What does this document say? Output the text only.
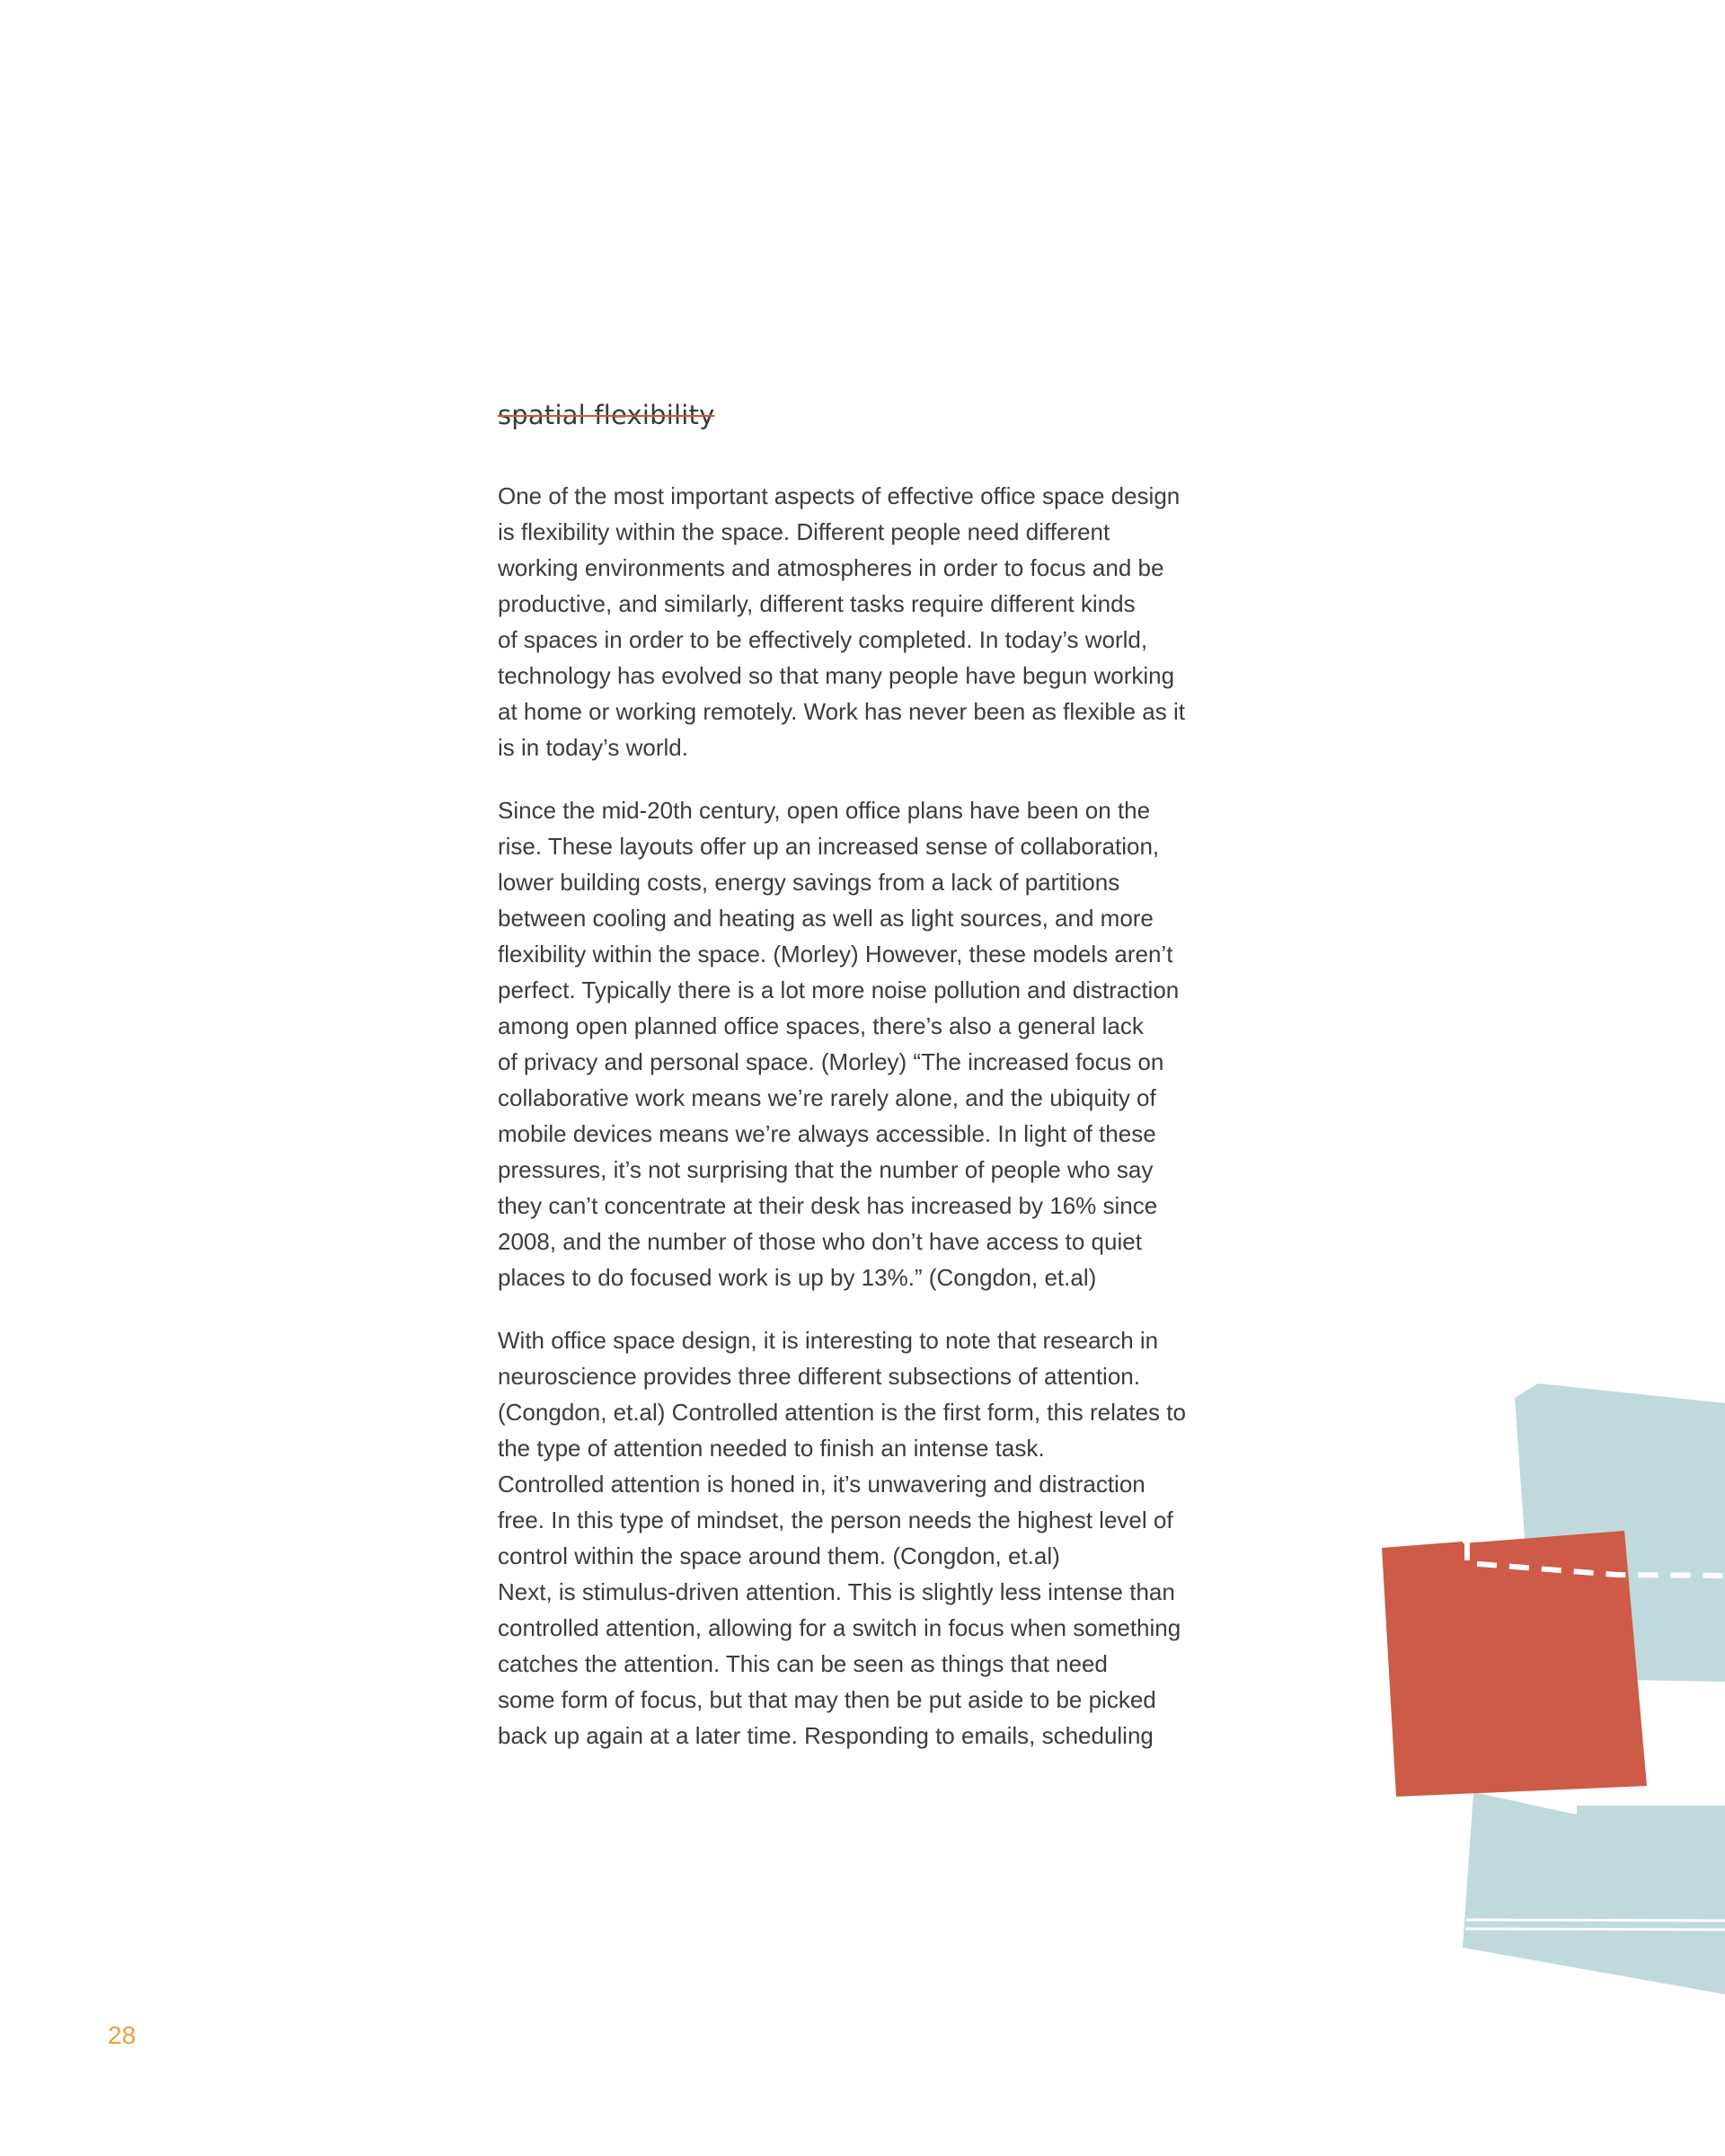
spatial flexibility

One of the most important aspects of effective office space design
is flexibility within the space. Different people need different
working environments and atmospheres in order to focus and be
productive, and similarly, different tasks require different kinds
of spaces in order to be effectively completed. In today’s world,
technology has evolved so that many people have begun working
at home or working remotely. Work has never been as flexible as it
is in today’s world.

Since the mid-20th century, open office plans have been on the
rise. These layouts offer up an increased sense of collaboration,
lower building costs, energy savings from a lack of partitions
between cooling and heating as well as light sources, and more
flexibility within the space. (Morley) However, these models aren’t
perfect. Typically there is a lot more noise pollution and distraction
among open planned office spaces, there’s also a general lack
of privacy and personal space. (Morley) “The increased focus on
collaborative work means we’re rarely alone, and the ubiquity of
mobile devices means we’re always accessible. In light of these
pressures, it’s not surprising that the number of people who say
they can’t concentrate at their desk has increased by 16% since
2008, and the number of those who don’t have access to quiet
places to do focused work is up by 13%.” (Congdon, et.al)

With office space design, it is interesting to note that research in
neuroscience provides three different subsections of attention.
(Congdon, et.al) Controlled attention is the first form, this relates to
the type of attention needed to finish an intense task.
Controlled attention is honed in, it’s unwavering and distraction
free. In this type of mindset, the person needs the highest level of
control within the space around them. (Congdon, et.al)
Next, is stimulus-driven attention. This is slightly less intense than
controlled attention, allowing for a switch in focus when something
catches the attention. This can be seen as things that need
some form of focus, but that may then be put aside to be picked
back up again at a later time. Responding to emails, scheduling

28
